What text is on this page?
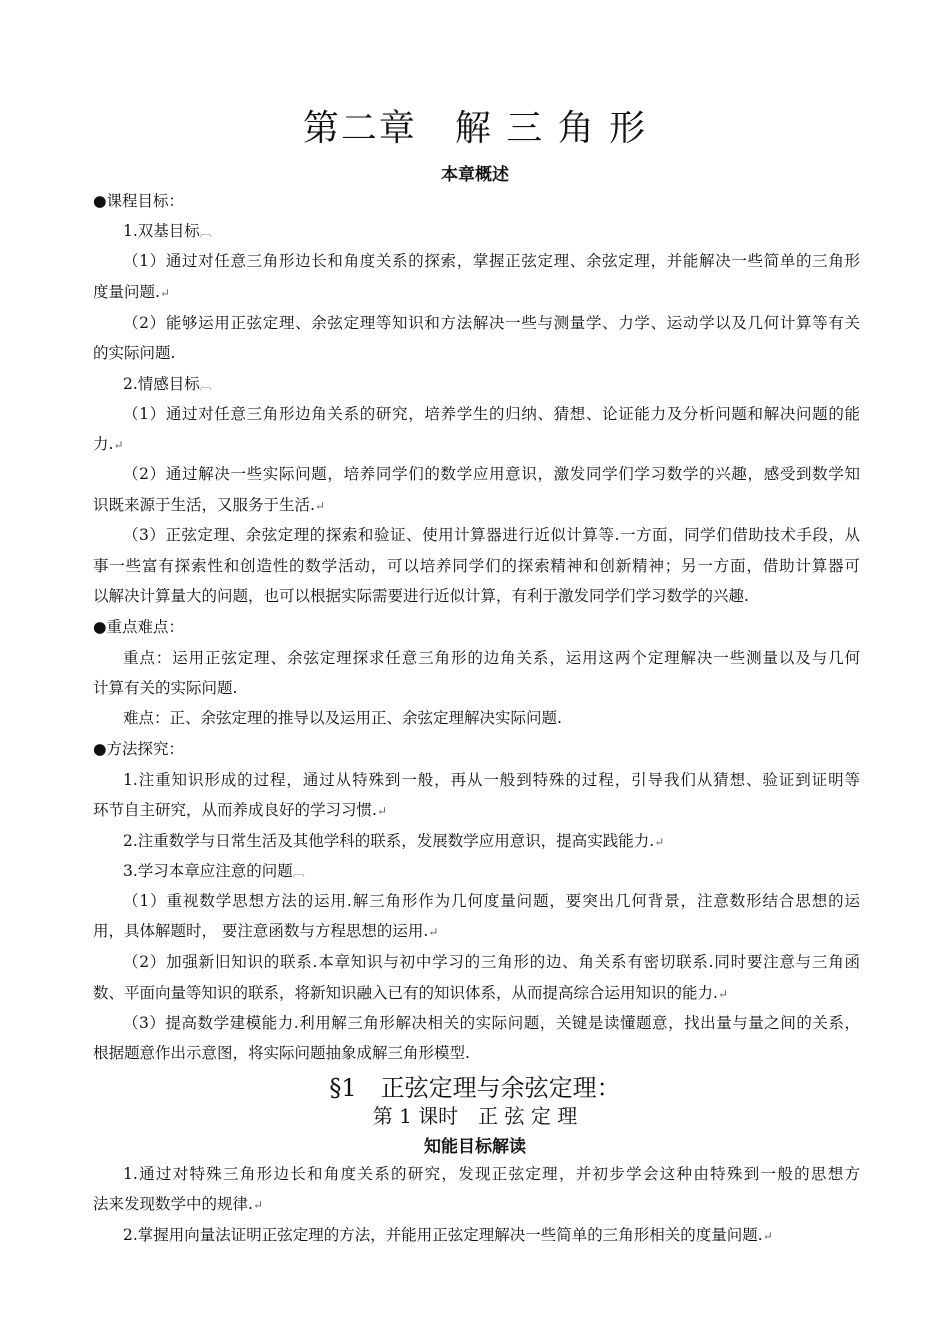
第二章　解 三 角 形
本章概述
●课程目标：
1.双基目标︹
（1）通过对任意三角形边长和角度关系的探索，掌握正弦定理、余弦定理，并能解决一些简单的三角形
度量问题.↵
（2）能够运用正弦定理、余弦定理等知识和方法解决一些与测量学、力学、运动学以及几何计算等有关
的实际问题.
2.情感目标︹
（1）通过对任意三角形边角关系的研究，培养学生的归纳、猜想、论证能力及分析问题和解决问题的能
力.↵
（2）通过解决一些实际问题，培养同学们的数学应用意识，激发同学们学习数学的兴趣，感受到数学知
识既来源于生活，又服务于生活.↵
（3）正弦定理、余弦定理的探索和验证、使用计算器进行近似计算等.一方面，同学们借助技术手段，从
事一些富有探索性和创造性的数学活动，可以培养同学们的探索精神和创新精神；另一方面，借助计算器可
以解决计算量大的问题，也可以根据实际需要进行近似计算，有利于激发同学们学习数学的兴趣.
●重点难点：
重点：运用正弦定理、余弦定理探求任意三角形的边角关系，运用这两个定理解决一些测量以及与几何
计算有关的实际问题.
难点：正、余弦定理的推导以及运用正、余弦定理解决实际问题.
●方法探究：
1.注重知识形成的过程，通过从特殊到一般，再从一般到特殊的过程，引导我们从猜想、验证到证明等
环节自主研究，从而养成良好的学习习惯.↵
2.注重数学与日常生活及其他学科的联系，发展数学应用意识，提高实践能力.↵
3.学习本章应注意的问题︹
（1）重视数学思想方法的运用.解三角形作为几何度量问题，要突出几何背景，注意数形结合思想的运
用，具体解题时， 要注意函数与方程思想的运用.↵
（2）加强新旧知识的联系.本章知识与初中学习的三角形的边、角关系有密切联系.同时要注意与三角函
数、平面向量等知识的联系，将新知识融入已有的知识体系，从而提高综合运用知识的能力.↵
（3）提高数学建模能力.利用解三角形解决相关的实际问题，关键是读懂题意，找出量与量之间的关系，
根据题意作出示意图，将实际问题抽象成解三角形模型.
§1　正弦定理与余弦定理：
第 1 课时　正 弦 定 理
知能目标解读
1.通过对特殊三角形边长和角度关系的研究，发现正弦定理，并初步学会这种由特殊到一般的思想方
法来发现数学中的规律.↵
2.掌握用向量法证明正弦定理的方法，并能用正弦定理解决一些简单的三角形相关的度量问题.↵
